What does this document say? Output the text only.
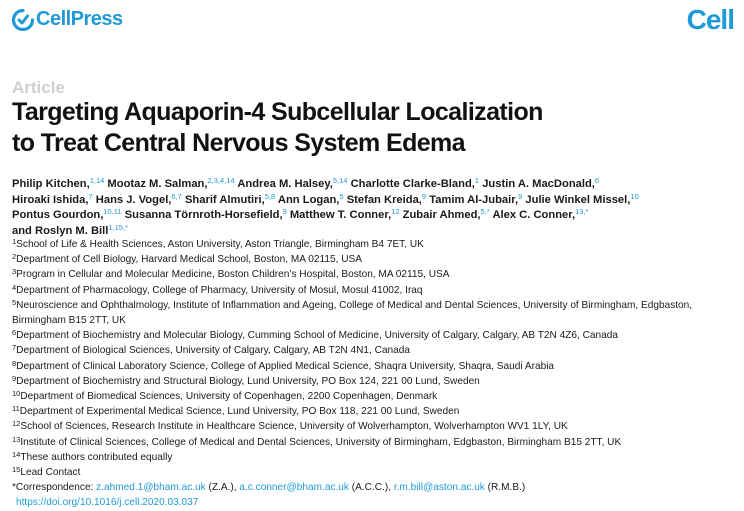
CellPress	Cell
Article
Targeting Aquaporin-4 Subcellular Localization
to Treat Central Nervous System Edema
Philip Kitchen,$^{1,14}$ Mootaz M. Salman,$^{2,3,4,14}$ Andrea M. Halsey,$^{5,14}$ Charlotte Clarke-Bland,$^1$ Justin A. MacDonald,$^6$
Hiroaki Ishida,$^7$ Hans J. Vogel,$^{6,7}$ Sharif Almutiri,$^{5,8}$ Ann Logan,$^5$ Stefan Kreida,$^9$ Tamim Al-Jubair,$^9$ Julie Winkel Missel,$^{10}$
Pontus Gourdon,$^{10,11}$ Susanna Törnroth-Horsefield,$^9$ Matthew T. Conner,$^{12}$ Zubair Ahmed,$^{5,*}$ Alex C. Conner,$^{13,*}$
and Roslyn M. Bill$^{1,15,*}$
$^1$School of Life & Health Sciences, Aston University, Aston Triangle, Birmingham B4 7ET, UK
$^2$Department of Cell Biology, Harvard Medical School, Boston, MA 02115, USA
$^3$Program in Cellular and Molecular Medicine, Boston Children’s Hospital, Boston, MA 02115, USA
$^4$Department of Pharmacology, College of Pharmacy, University of Mosul, Mosul 41002, Iraq
$^5$Neuroscience and Ophthalmology, Institute of Inflammation and Ageing, College of Medical and Dental Sciences, University of Birmingham, Edgbaston, Birmingham B15 2TT, UK
$^6$Department of Biochemistry and Molecular Biology, Cumming School of Medicine, University of Calgary, Calgary, AB T2N 4Z6, Canada
$^7$Department of Biological Sciences, University of Calgary, Calgary, AB T2N 4N1, Canada
$^8$Department of Clinical Laboratory Science, College of Applied Medical Science, Shaqra University, Shaqra, Saudi Arabia
$^9$Department of Biochemistry and Structural Biology, Lund University, PO Box 124, 221 00 Lund, Sweden
$^{10}$Department of Biomedical Sciences, University of Copenhagen, 2200 Copenhagen, Denmark
$^{11}$Department of Experimental Medical Science, Lund University, PO Box 118, 221 00 Lund, Sweden
$^{12}$School of Sciences, Research Institute in Healthcare Science, University of Wolverhampton, Wolverhampton WV1 1LY, UK
$^{13}$Institute of Clinical Sciences, College of Medical and Dental Sciences, University of Birmingham, Edgbaston, Birmingham B15 2TT, UK
$^{14}$These authors contributed equally
$^{15}$Lead Contact
*Correspondence: z.ahmed.1@bham.ac.uk (Z.A.), a.c.conner@bham.ac.uk (A.C.C.), r.m.bill@aston.ac.uk (R.M.B.)
https://doi.org/10.1016/j.cell.2020.03.037
